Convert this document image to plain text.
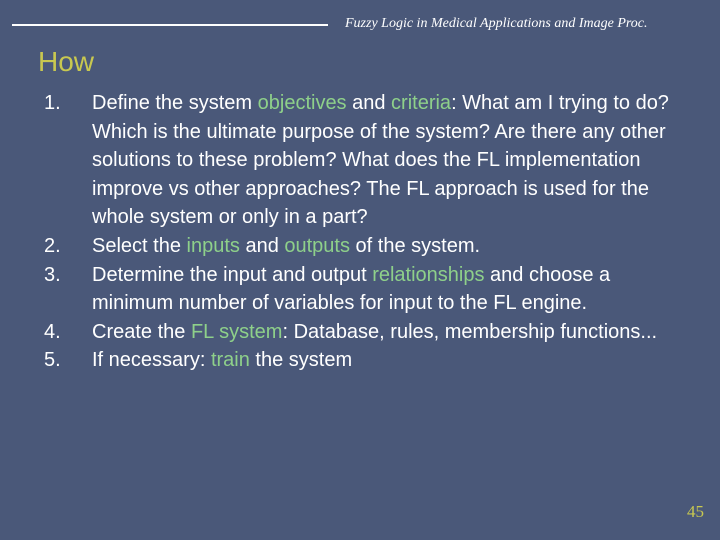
Fuzzy Logic in Medical Applications and Image Proc.
How
1. Define the system objectives and criteria: What am I trying to do? Which is the ultimate purpose of the system? Are there any other solutions to these problem? What does the FL implementation improve vs other approaches? The FL approach is used for the whole system or only in a part?
2. Select the inputs and outputs of the system.
3. Determine the input and output relationships and choose a minimum number of variables for input to the FL engine.
4. Create the FL system: Database, rules, membership functions...
5. If necessary: train the system
45
